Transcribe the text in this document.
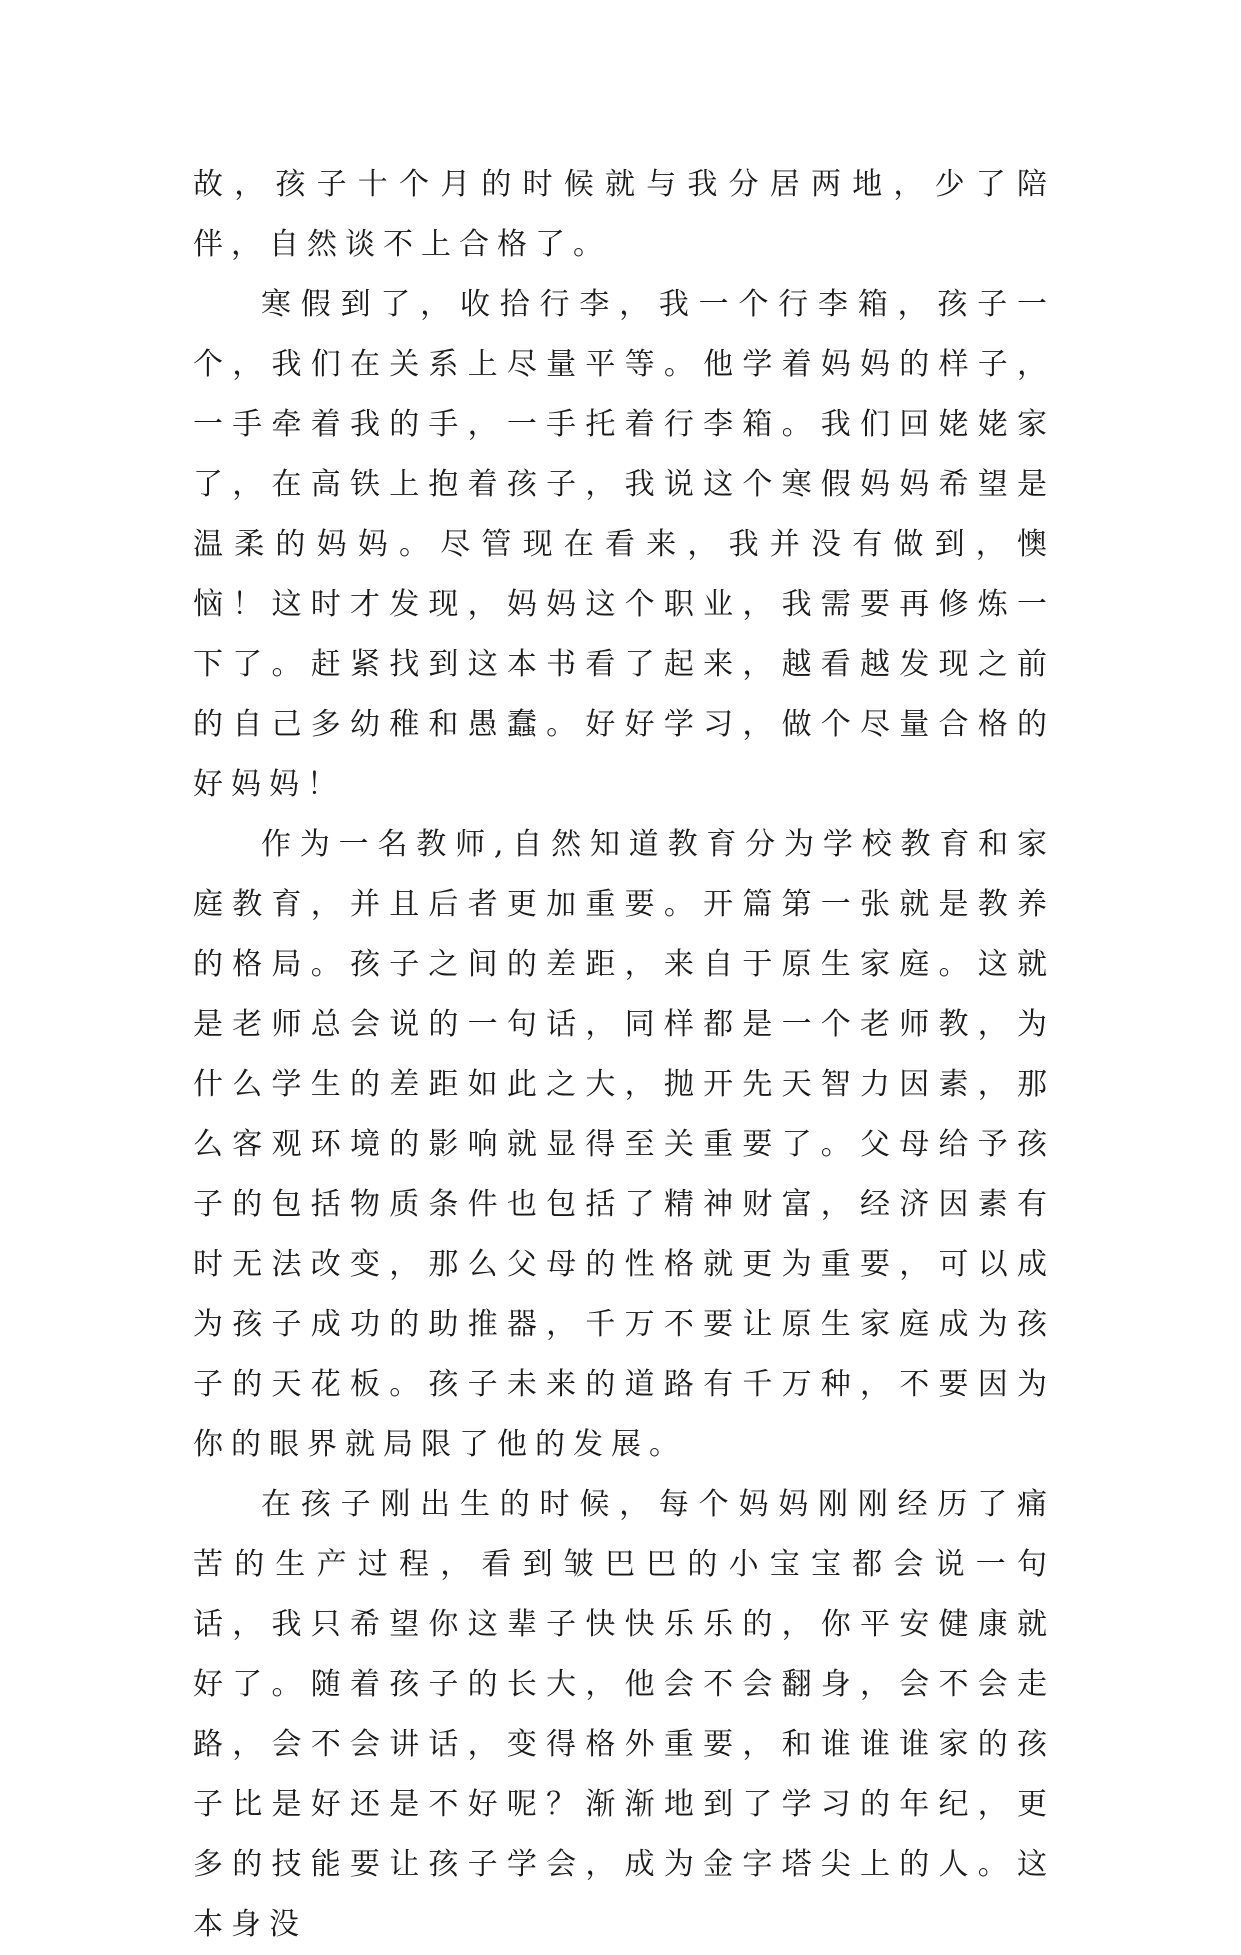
故，孩子十个月的时候就与我分居两地，少了陪伴，自然谈不上合格了。

寒假到了，收拾行李，我一个行李箱，孩子一个，我们在关系上尽量平等。他学着妈妈的样子，一手牵着我的手，一手托着行李箱。我们回姥姥家了，在高铁上抱着孩子，我说这个寒假妈妈希望是温柔的妈妈。尽管现在看来，我并没有做到，懊恼！这时才发现，妈妈这个职业，我需要再修炼一下了。赶紧找到这本书看了起来，越看越发现之前的自己多幼稚和愚蠢。好好学习，做个尽量合格的好妈妈！

作为一名教师,自然知道教育分为学校教育和家庭教育，并且后者更加重要。开篇第一张就是教养的格局。孩子之间的差距，来自于原生家庭。这就是老师总会说的一句话，同样都是一个老师教，为什么学生的差距如此之大，抛开先天智力因素，那么客观环境的影响就显得至关重要了。父母给予孩子的包括物质条件也包括了精神财富，经济因素有时无法改变，那么父母的性格就更为重要，可以成为孩子成功的助推器，千万不要让原生家庭成为孩子的天花板。孩子未来的道路有千万种，不要因为你的眼界就局限了他的发展。

在孩子刚出生的时候，每个妈妈刚刚经历了痛苦的生产过程，看到皱巴巴的小宝宝都会说一句话，我只希望你这辈子快快乐乐的，你平安健康就好了。随着孩子的长大，他会不会翻身，会不会走路，会不会讲话，变得格外重要，和谁谁谁家的孩子比是好还是不好呢？渐渐地到了学习的年纪，更多的技能要让孩子学会，成为金字塔尖上的人。这本身没
